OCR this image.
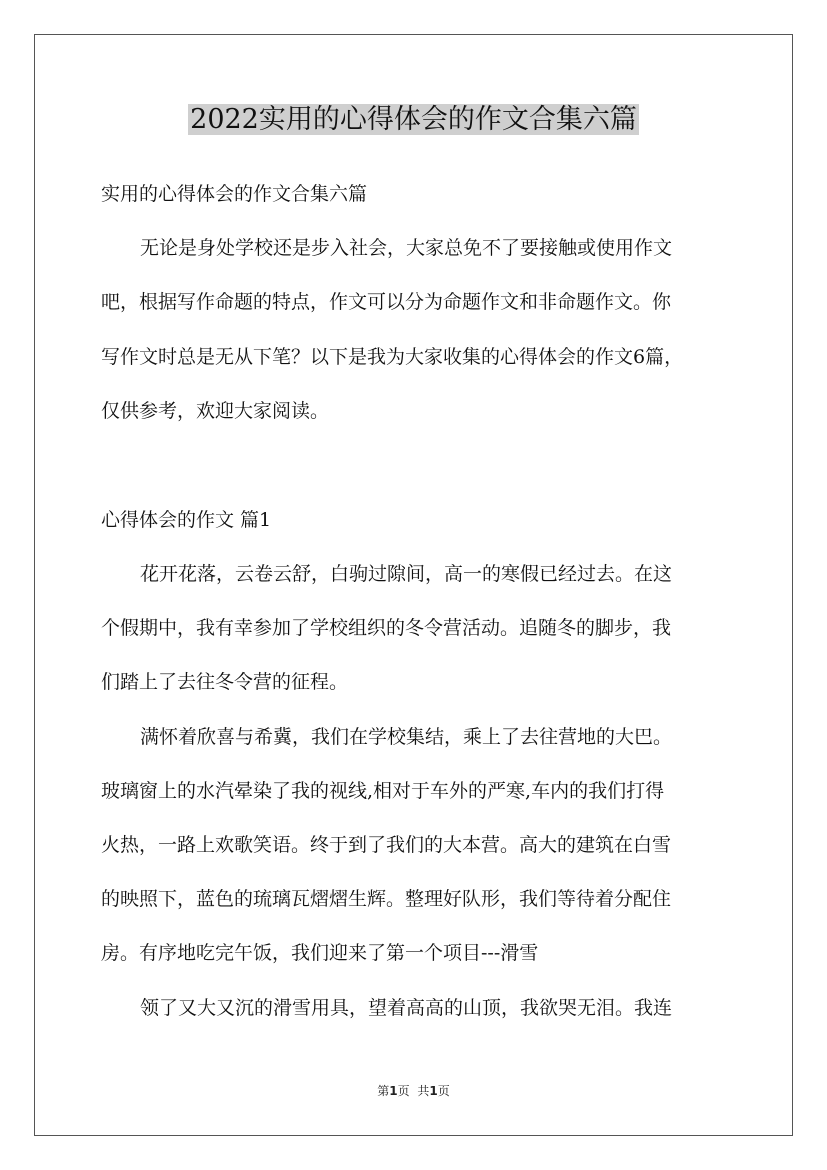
2022实用的心得体会的作文合集六篇
实用的心得体会的作文合集六篇
无论是身处学校还是步入社会，大家总免不了要接触或使用作文
吧，根据写作命题的特点，作文可以分为命题作文和非命题作文。你
写作文时总是无从下笔？以下是我为大家收集的心得体会的作文6篇，
仅供参考，欢迎大家阅读。
心得体会的作文 篇1
花开花落，云卷云舒，白驹过隙间，高一的寒假已经过去。在这
个假期中，我有幸参加了学校组织的冬令营活动。追随冬的脚步，我
们踏上了去往冬令营的征程。
满怀着欣喜与希冀，我们在学校集结，乘上了去往营地的大巴。
玻璃窗上的水汽晕染了我的视线,相对于车外的严寒,车内的我们打得
火热，一路上欢歌笑语。终于到了我们的大本营。高大的建筑在白雪
的映照下，蓝色的琉璃瓦熠熠生辉。整理好队形，我们等待着分配住
房。有序地吃完午饭，我们迎来了第一个项目---滑雪
领了又大又沉的滑雪用具，望着高高的山顶，我欲哭无泪。我连
第1页 共1页
